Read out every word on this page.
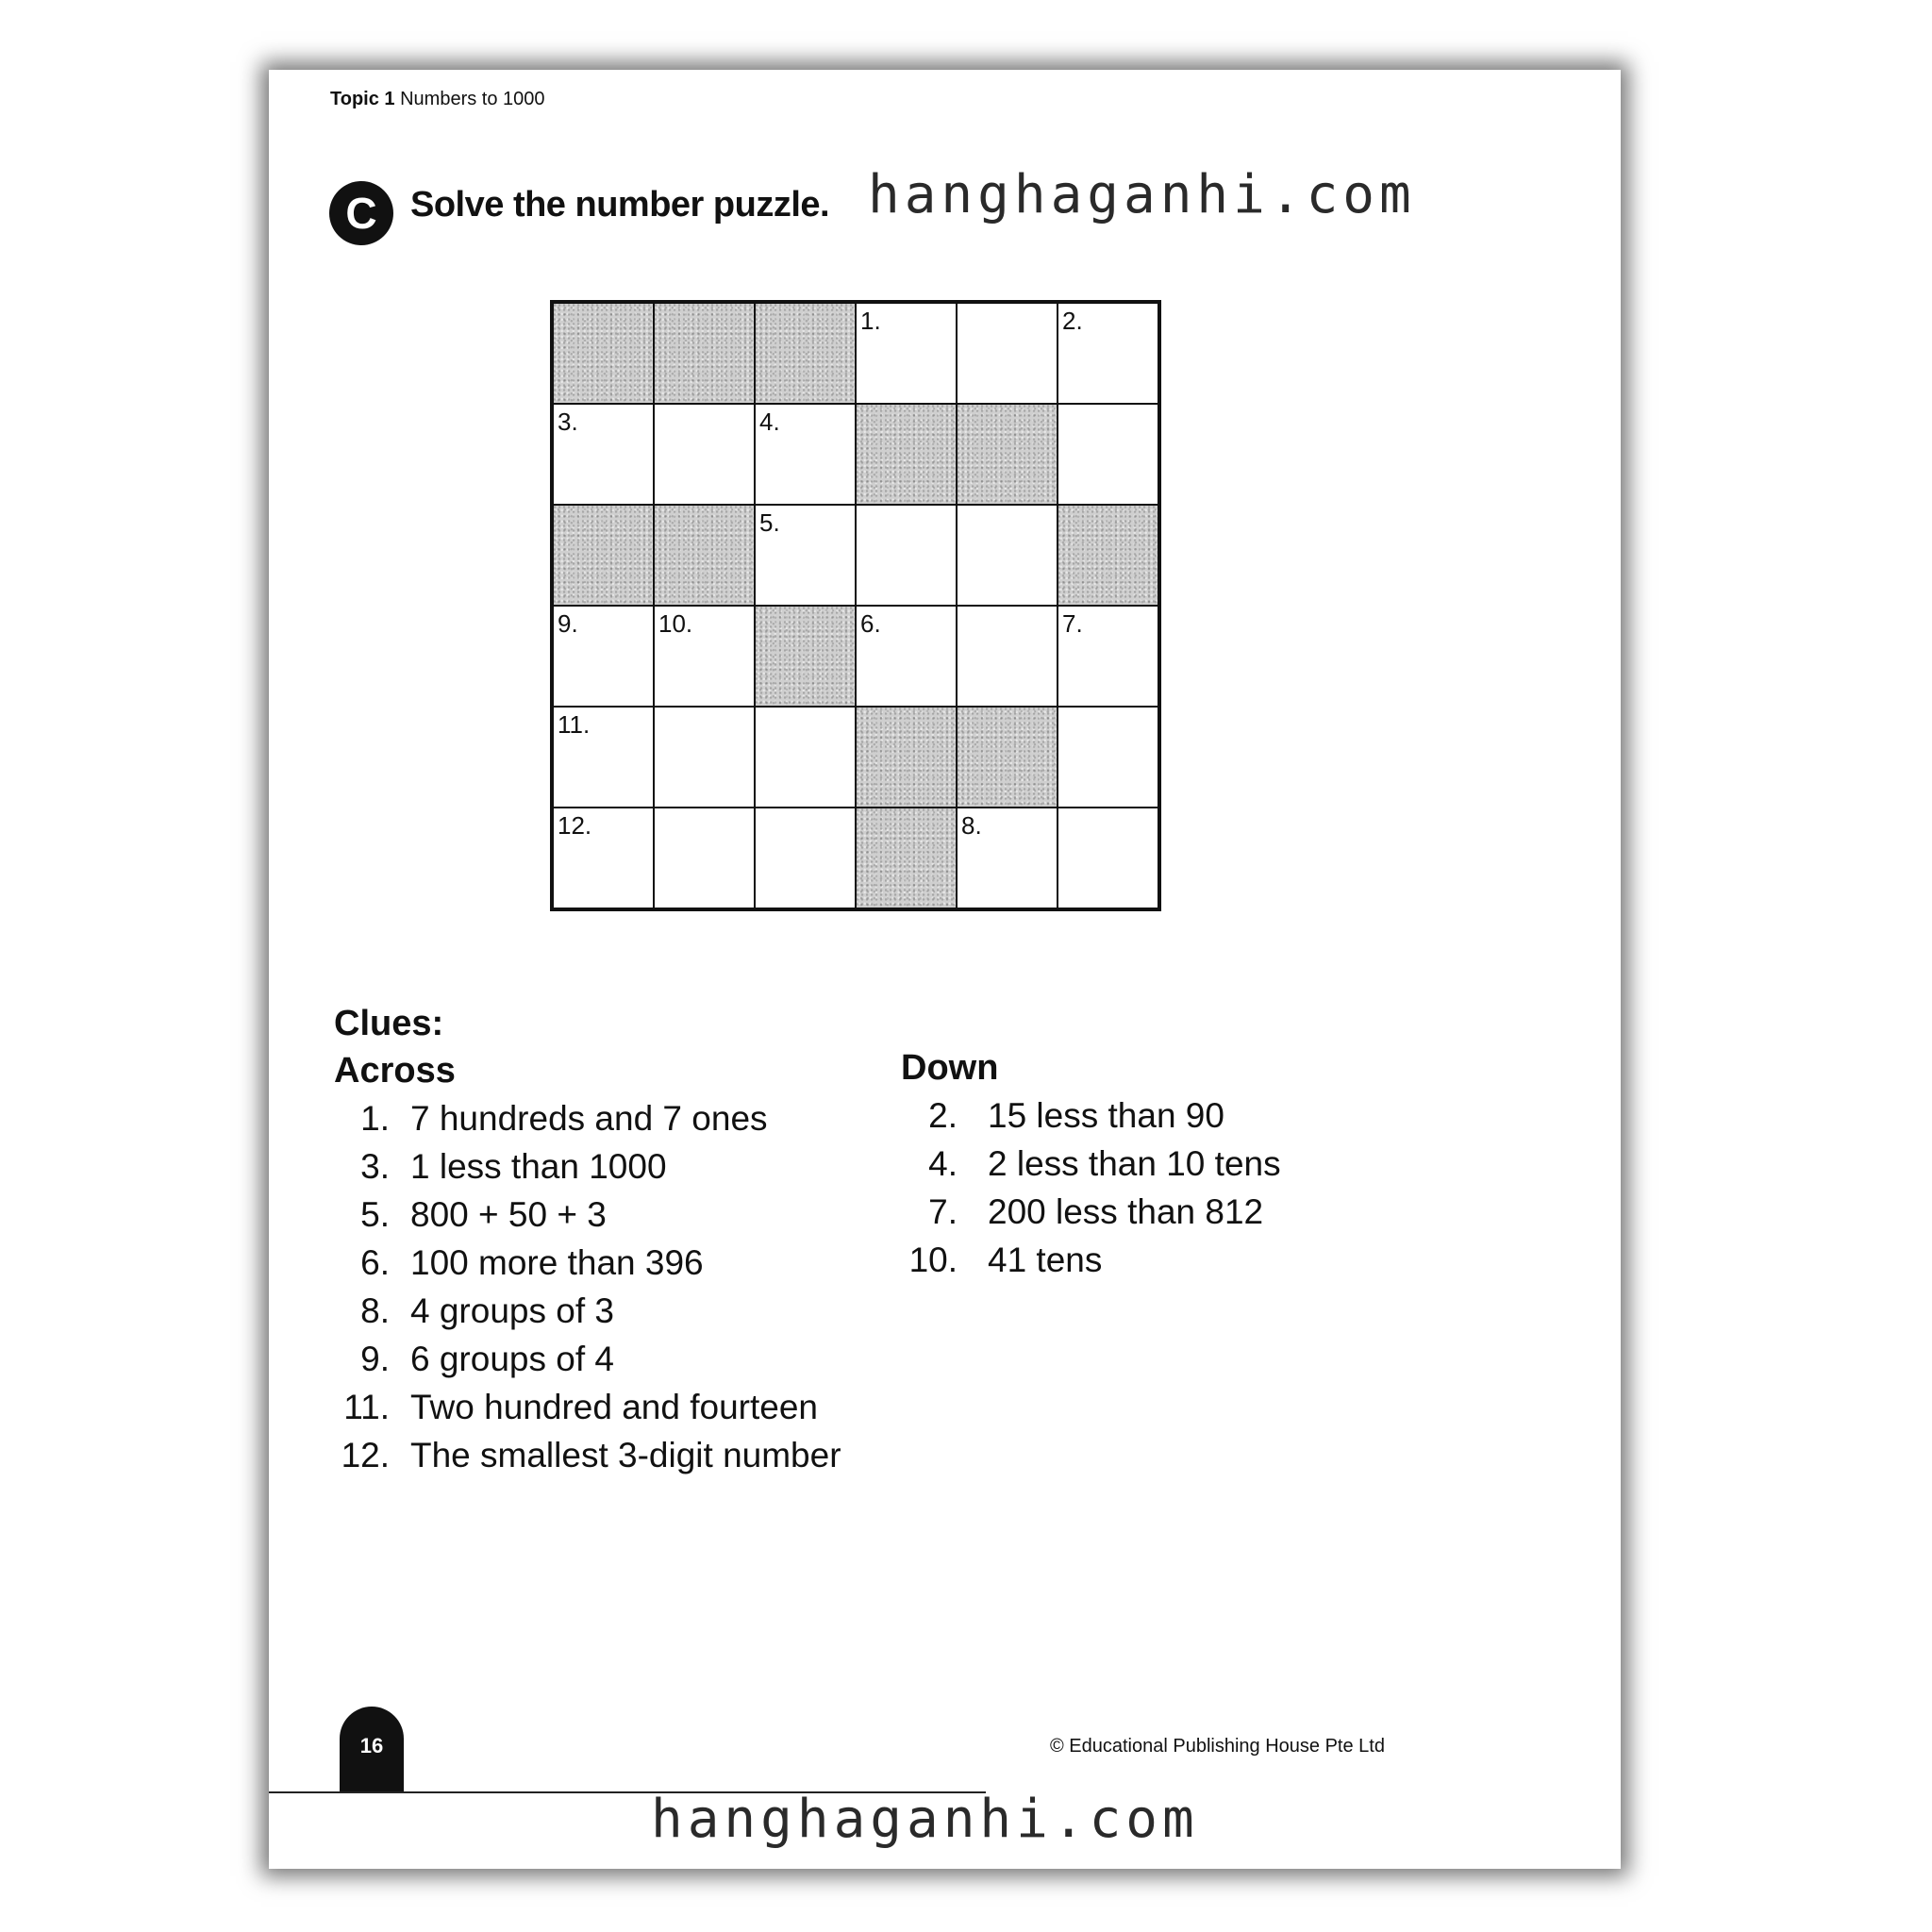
Topic 1 Numbers to 1000
C Solve the number puzzle. hanghaganhi.com
1.	2.
3.	4.
5.
9.	10.	6.	7.
11.
12.	8.
Clues:
Across	Down
1. 7 hundreds and 7 ones
3. 1 less than 1000
5. 800 + 50 + 3
6. 100 more than 396
8. 4 groups of 3
9. 6 groups of 4
11. Two hundred and fourteen
12. The smallest 3-digit number
2. 15 less than 90
4. 2 less than 10 tens
7. 200 less than 812
10. 41 tens
16	© Educational Publishing House Pte Ltd
hanghaganhi.com
